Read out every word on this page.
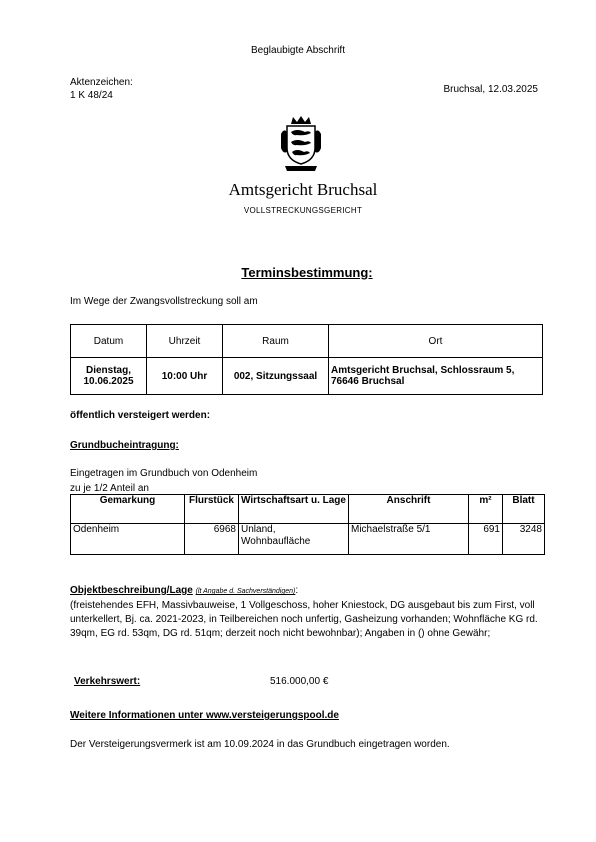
Beglaubigte Abschrift
Aktenzeichen:
1 K 48/24
Bruchsal, 12.03.2025
Amtsgericht Bruchsal
VOLLSTRECKUNGSGERICHT
Terminsbestimmung:
Im Wege der Zwangsvollstreckung soll am
Datum	Uhrzeit	Raum	Ort
Dienstag, 10.06.2025	10:00 Uhr	002, Sitzungssaal	Amtsgericht Bruchsal, Schlossraum 5, 76646 Bruchsal
öffentlich versteigert werden:
Grundbucheintragung:
Eingetragen im Grundbuch von Odenheim
zu je 1/2 Anteil an
Gemarkung	Flurstück	Wirtschaftsart u. Lage	Anschrift	m²	Blatt
Odenheim	6968	Unland, Wohnbaufläche	Michaelstraße 5/1	691	3248
Objektbeschreibung/Lage (lt Angabe d. Sachverständigen):
(freistehendes EFH, Massivbauweise, 1 Vollgeschoss, hoher Kniestock, DG ausgebaut bis zum First, voll unterkellert, Bj. ca. 2021-2023, in Teilbereichen noch unfertig, Gasheizung vorhanden; Wohnfläche KG rd. 39qm, EG rd. 53qm, DG rd. 51qm; derzeit noch nicht bewohnbar); Angaben in () ohne Gewähr;
Verkehrswert:	516.000,00 €
Weitere Informationen unter www.versteigerungspool.de
Der Versteigerungsvermerk ist am 10.09.2024 in das Grundbuch eingetragen worden.
